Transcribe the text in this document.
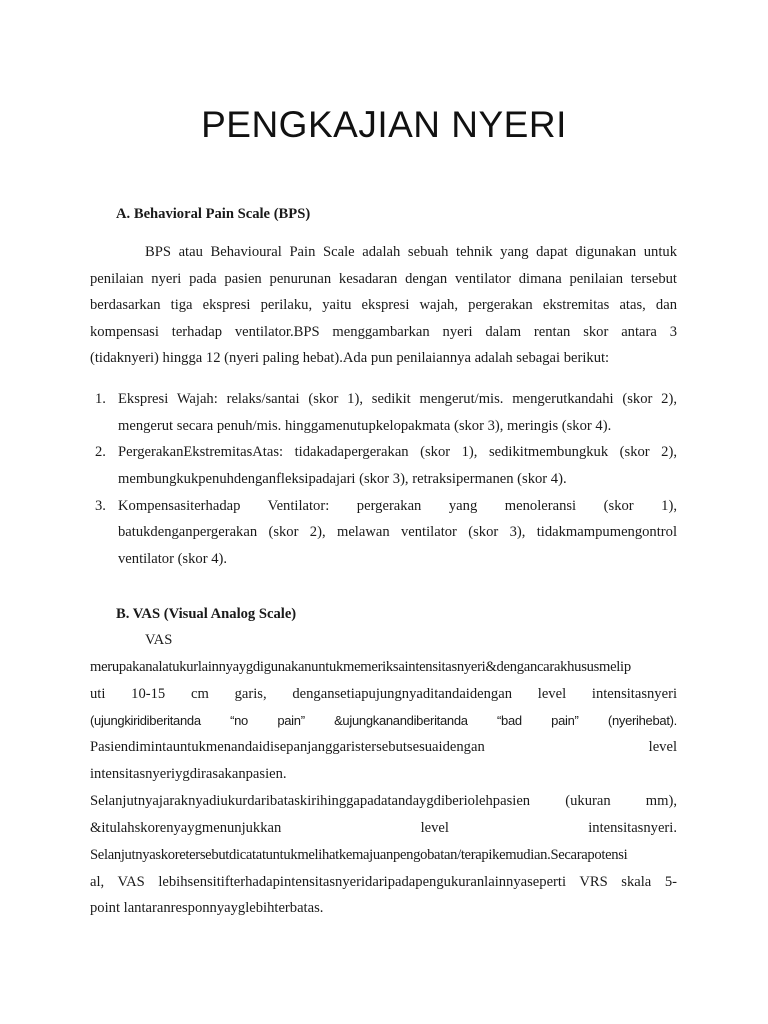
PENGKAJIAN NYERI

A. Behavioral Pain Scale (BPS)

BPS atau Behavioural Pain Scale adalah sebuah tehnik yang dapat digunakan untuk

penilaian nyeri pada pasien penurunan kesadaran dengan ventilator dimana penilaian tersebut

berdasarkan tiga ekspresi perilaku, yaitu ekspresi wajah, pergerakan ekstremitas atas, dan

kompensasi terhadap ventilator.BPS menggambarkan nyeri dalam rentan skor antara 3

(tidaknyeri) hingga 12 (nyeri paling hebat).Ada pun penilaiannya adalah sebagai berikut:

1. Ekspresi Wajah: relaks/santai (skor 1), sedikit mengerut/mis. mengerutkandahi (skor 2),

mengerut secara penuh/mis. hinggamenutupkelopakmata (skor 3), meringis (skor 4).

2. PergerakanEkstremitasAtas: tidakadapergerakan (skor 1), sedikitmembungkuk (skor 2),

membungkukpenuhdenganfleksipadajari (skor 3), retraksipermanen (skor 4).

3. Kompensasiterhadap Ventilator: pergerakan yang menoleransi (skor 1),

batukdenganpergerakan (skor 2), melawan ventilator (skor 3), tidakmampumengontrol

ventilator (skor 4).

B. VAS (Visual Analog Scale)

VAS

merupakanalatukurlainnyaygdigunakanuntukmemeriksaintensitasnyeri&dengancarakhususmelip

uti 10-15 cm garis, dengansetiapujungnyaditandaidengan level intensitasnyeri

(ujungkiridiberitanda “no pain” &ujungkanandiberitanda “bad pain” (nyerihebat).

Pasiendimintauntukmenandaidisepanjanggaristersebutsesuaidengan level

intensitasnyeriygdirasakanpasien.

Selanjutnyajaraknyadiukurdaribataskirihinggapadatandaygdiberiolehpasien (ukuran mm),

&itulahskorenyaygmenunjukkan level intensitasnyeri.

Selanjutnyaskoretersebutdicatatuntukmelihatkemajuanpengobatan/terapikemudian.Secarapotensi

al, VAS lebihsensitifterhadapintensitasnyeridaripadapengukuranlainnyaseperti VRS skala 5-

point lantaranresponnyayglebihterbatas.
